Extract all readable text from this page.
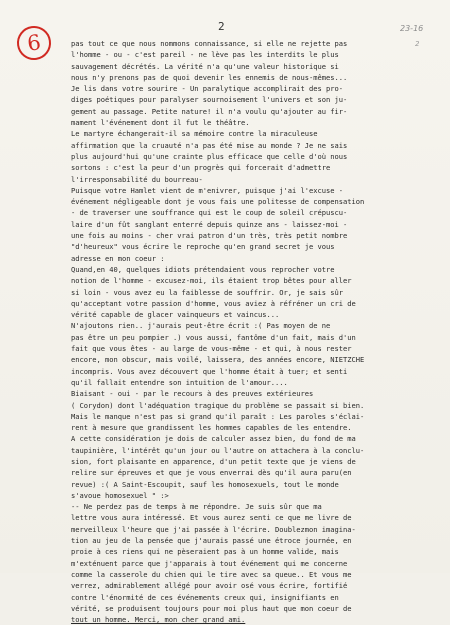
6
2	23-16
2
pas tout ce que nous nommons connaissance, si elle ne rejette pas
l'homme - ou - c'est pareil - ne lève pas les interdits le plus
sauvagement décrétés. La vérité n'a qu'une valeur historique si
nous n'y prenons pas de quoi devenir les ennemis de nous-mêmes...
Je lis dans votre sourire - Un paralytique accomplirait des pro-
diges poétiques pour paralyser sournoisement l'univers et son ju-
gement au passage. Petite nature! il n'a voulu qu'ajouter au fir-
mament l'événement dont il fut le théâtre.
Le martyre échangerait-il sa mémoire contre la miraculeuse
affirmation que la cruauté n'a pas été mise au monde ? Je ne sais
plus aujourd'hui qu'une crainte plus efficace que celle d'où nous
sortons : c'est la peur d'un progrès qui forcerait d'admettre
l'irresponsabilité du bourreau-
Puisque votre Hamlet vient de m'enivrer, puisque j'ai l'excuse -
événement négligeable dont je vous fais une politesse de compensation
- de traverser une souffrance qui est le coup de soleil crépuscu-
laire d'un fût sanglant enterré depuis quinze ans - laissez-moi -
une fois au moins - cher vrai patron d'un très, très petit nombre
"d'heureux" vous écrire le reproche qu'en grand secret je vous
adresse en mon coeur :
Quand,en 40, quelques idiots prétendaient vous reprocher votre
notion de l'homme - excusez-moi, ils étaient trop bêtes pour aller
si loin - vous avez eu la faiblesse de souffrir. Or, je sais sûr
qu'acceptant votre passion d'homme, vous aviez à réfréner un cri de
vérité capable de glacer vainqueurs et vaincus...
N'ajoutons rien.. j'aurais peut-être écrit :( Pas moyen de ne
pas être un peu pompier .) vous aussi, fantôme d'un fait, mais d'un
fait que vous êtes - au large de vous-même - et qui, à nous rester
encore, mon obscur, mais voilé, laissera, des années encore, NIETZCHE
incompris. Vous avez découvert que l'homme était à tuer; et senti
qu'il fallait entendre son intuition de l'amour....
Biaisant - oui - par le recours à des preuves extérieures
( Corydon) dont l'adéquation tragique du problème se passait si bien.
Mais le manque n'est pas si grand qu'il paraît : Les paroles s'éclai-
rent à mesure que grandissent les hommes capables de les entendre.
A cette considération je dois de calculer assez bien, du fond de ma
taupinière, l'intérêt qu'un jour ou l'autre on attachera à la conclu-
sion, fort plaisante en apparence, d'un petit texte que je viens de
relire sur épreuves et que je vous enverrai dès qu'il aura paru(en
revue) :( A Saint-Escoupit, sauf les homosexuels, tout le monde
s'avoue homosexuel " :>
-- Ne perdez pas de temps à me répondre. Je suis sûr que ma
lettre vous aura intéressé. Et vous aurez senti ce que me livre de
merveilleux l'heure que j'ai passée à l'écrire. Doublezmon imagina-
tion au jeu de la pensée que j'aurais passé une étroce journée, en
proie à ces riens qui ne pèseraient pas à un homme valide, mais
m'exténuent parce que j'apparais à tout événement qui me concerne
comme la casserole du chien qui le tire avec sa queue.. Et vous me
verrez, admirablement allégé pour avoir osé vous écrire, fortifié
contre l'énormité de ces événements creux qui, insignifiants en
vérité, se produisent toujours pour moi plus haut que mon coeur de
tout un homme. Merci, mon cher grand ami.
